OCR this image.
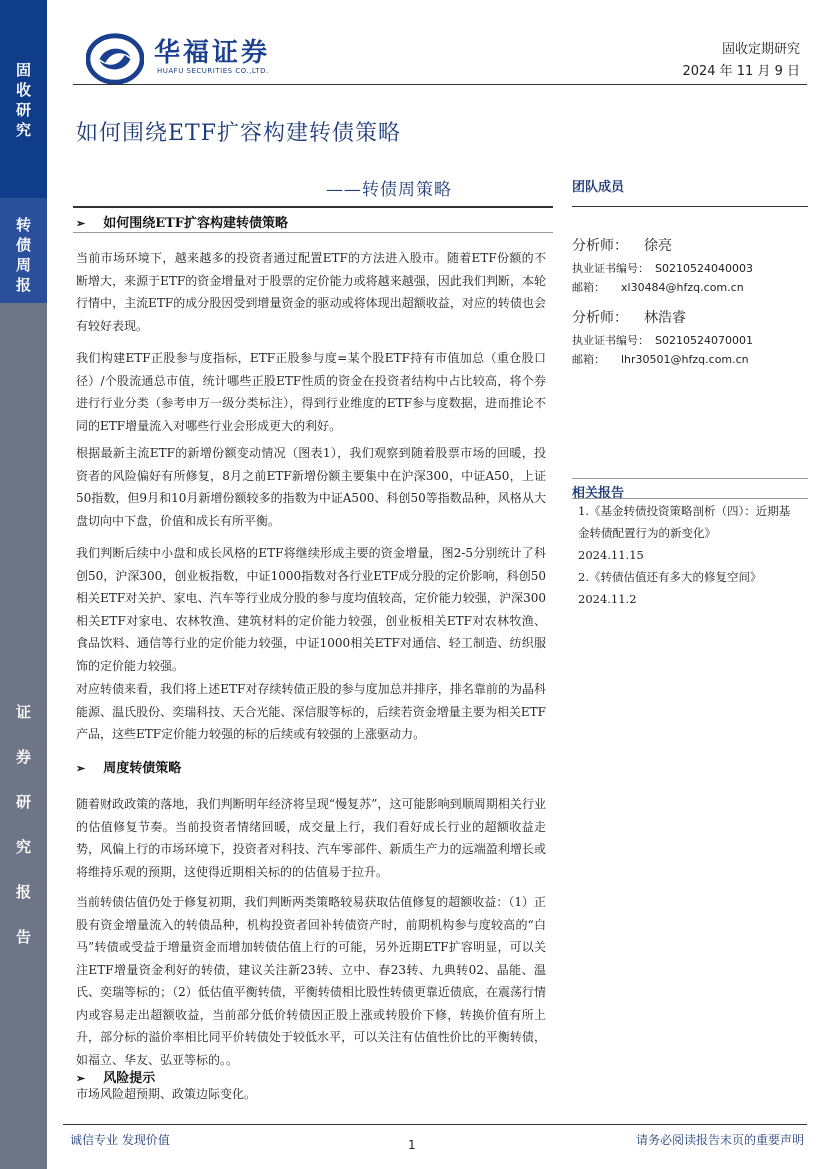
固
收
研
究
转
债
周
报
证
券
研
究
报
告
华福证券
HUAFU SECURITIES CO.,LTD.
固收定期研究
2024 年 11 月 9 日
如何围绕ETF扩容构建转债策略
——转债周策略
➢ 如何围绕ETF扩容构建转债策略
当前市场环境下，越来越多的投资者通过配置ETF的方法进入股市。随着ETF份额的不断增大，来源于ETF的资金增量对于股票的定价能力或将越来越强，因此我们判断，本轮行情中，主流ETF的成分股因受到增量资金的驱动或将体现出超额收益，对应的转债也会有较好表现。
我们构建ETF正股参与度指标，ETF正股参与度=某个股ETF持有市值加总（重仓股口径）/个股流通总市值，统计哪些正股ETF性质的资金在投资者结构中占比较高，将个券进行行业分类（参考申万一级分类标注），得到行业维度的ETF参与度数据，进而推论不同的ETF增量流入对哪些行业会形成更大的利好。
根据最新主流ETF的新增份额变动情况（图表1），我们观察到随着股票市场的回暖，投资者的风险偏好有所修复，8月之前ETF新增份额主要集中在沪深300，中证A50，上证50指数，但9月和10月新增份额较多的指数为中证A500、科创50等指数品种，风格从大盘切向中下盘，价值和成长有所平衡。
我们判断后续中小盘和成长风格的ETF将继续形成主要的资金增量，图2-5分别统计了科创50，沪深300，创业板指数，中证1000指数对各行业ETF成分股的定价影响，科创50相关ETF对关护、家电、汽车等行业成分股的参与度均值较高，定价能力较强，沪深300相关ETF对家电、农林牧渔、建筑材料的定价能力较强，创业板相关ETF对农林牧渔、食品饮料、通信等行业的定价能力较强，中证1000相关ETF对通信、轻工制造、纺织服饰的定价能力较强。
对应转债来看，我们将上述ETF对存续转债正股的参与度加总并排序，排名靠前的为晶科能源、温氏股份、奕瑞科技、天合光能、深信服等标的，后续若资金增量主要为相关ETF产品，这些ETF定价能力较强的标的后续或有较强的上涨驱动力。
➢ 周度转债策略
随着财政政策的落地，我们判断明年经济将呈现“慢复苏”，这可能影响到顺周期相关行业的估值修复节奏。当前投资者情绪回暖，成交量上行，我们看好成长行业的超额收益走势，风偏上行的市场环境下，投资者对科技、汽车零部件、新质生产力的远端盈利增长或将维持乐观的预期，这使得近期相关标的的估值易于拉升。
当前转债估值仍处于修复初期，我们判断两类策略较易获取估值修复的超额收益：（1）正股有资金增量流入的转债品种，机构投资者回补转债资产时，前期机构参与度较高的“白马”转债或受益于增量资金而增加转债估值上行的可能，另外近期ETF扩容明显，可以关注ETF增量资金利好的转债，建议关注新23转、立中、春23转、九典转02、晶能、温氏、奕瑞等标的；（2）低估值平衡转债，平衡转债相比股性转债更靠近债底，在震荡行情内或容易走出超额收益，当前部分低价转债因正股上涨或转股价下修，转换价值有所上升，部分标的溢价率相比同平价转债处于较低水平，可以关注有估值性价比的平衡转债，如福立、华友、弘亚等标的。。
➢ 风险提示
市场风险超预期、政策边际变化。
团队成员
分析师： 徐亮
执业证书编号： S0210524040003
邮箱： xl30484@hfzq.com.cn
分析师： 林浩睿
执业证书编号： S0210524070001
邮箱： lhr30501@hfzq.com.cn
相关报告
1.《基金转债投资策略剖析（四）：近期基金转债配置行为的新变化》
2024.11.15
2.《转债估值还有多大的修复空间》
2024.11.2
诚信专业 发现价值	1	请务必阅读报告末页的重要声明
